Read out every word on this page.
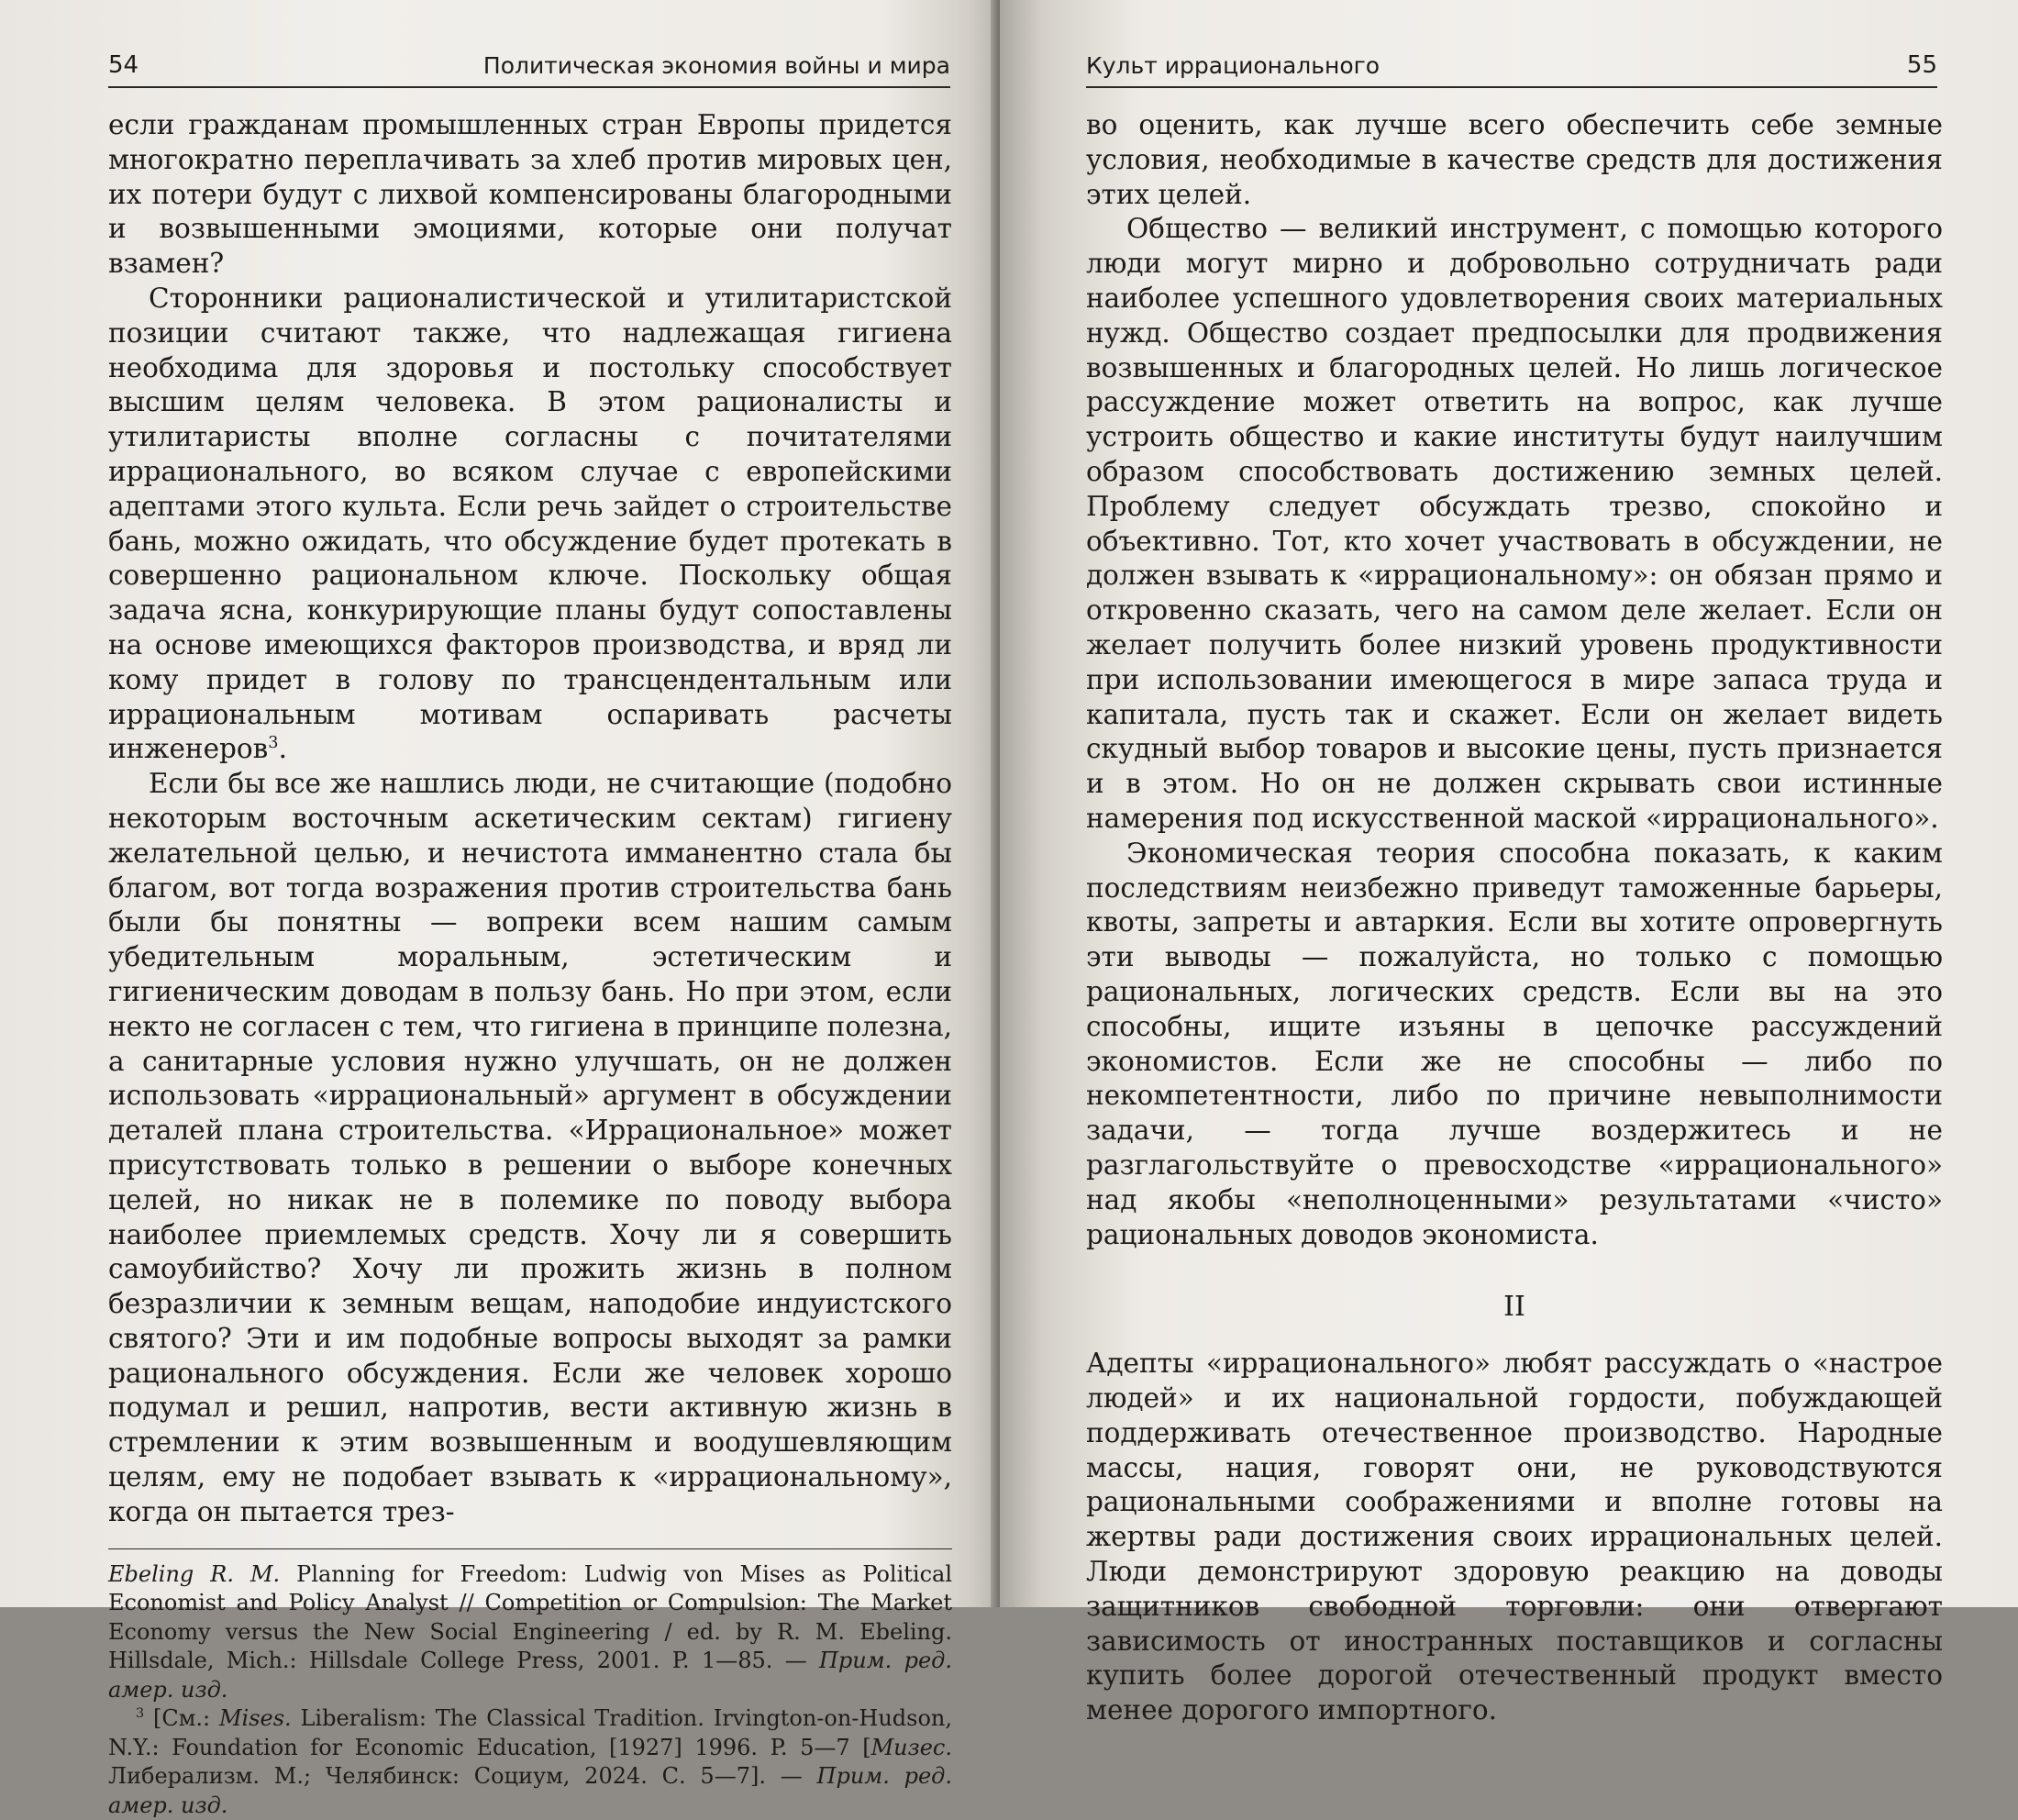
54	Политическая экономия войны и мира

если гражданам промышленных стран Европы придется многократно переплачивать за хлеб против мировых цен, их потери будут с лихвой компенсированы благородными и возвышенными эмоциями, которые они получат взамен?

Сторонники рационалистической и утилитаристской позиции считают также, что надлежащая гигиена необходима для здоровья и постольку способствует высшим целям человека. В этом рационалисты и утилитаристы вполне согласны с почитателями иррационального, во всяком случае с европейскими адептами этого культа. Если речь зайдет о строительстве бань, можно ожидать, что обсуждение будет протекать в совершенно рациональном ключе. Поскольку общая задача ясна, конкурирующие планы будут сопоставлены на основе имеющихся факторов производства, и вряд ли кому придет в голову по трансцендентальным или иррациональным мотивам оспаривать расчеты инженеров$^3$.

Если бы все же нашлись люди, не считающие (подобно некоторым восточным аскетическим сектам) гигиену желательной целью, и нечистота имманентно стала бы благом, вот тогда возражения против строительства бань были бы понятны — вопреки всем нашим самым убедительным моральным, эстетическим и гигиеническим доводам в пользу бань. Но при этом, если некто не согласен с тем, что гигиена в принципе полезна, а санитарные условия нужно улучшать, он не должен использовать «иррациональный» аргумент в обсуждении деталей плана строительства. «Иррациональное» может присутствовать только в решении о выборе конечных целей, но никак не в полемике по поводу выбора наиболее приемлемых средств. Хочу ли я совершить самоубийство? Хочу ли прожить жизнь в полном безразличии к земным вещам, наподобие индуистского святого? Эти и им подобные вопросы выходят за рамки рационального обсуждения. Если же человек хорошо подумал и решил, напротив, вести активную жизнь в стремлении к этим возвышенным и воодушевляющим целям, ему не подобает взывать к «иррациональному», когда он пытается трез-

Ebeling R. M. Planning for Freedom: Ludwig von Mises as Political Economist and Policy Analyst // Competition or Compulsion: The Market Economy versus the New Social Engineering / ed. by R. M. Ebeling. Hillsdale, Mich.: Hillsdale College Press, 2001. P. 1—85. — Прим. ред. амер. изд.

$^3$ [См.: Mises. Liberalism: The Classical Tradition. Irvington-on-Hudson, N.Y.: Foundation for Economic Education, [1927] 1996. P. 5—7 [Мизес. Либерализм. М.; Челябинск: Социум, 2024. С. 5—7]. — Прим. ред. амер. изд.

Культ иррационального	55

во оценить, как лучше всего обеспечить себе земные условия, необходимые в качестве средств для достижения этих целей.

Общество — великий инструмент, с помощью которого люди могут мирно и добровольно сотрудничать ради наиболее успешного удовлетворения своих материальных нужд. Общество создает предпосылки для продвижения возвышенных и благородных целей. Но лишь логическое рассуждение может ответить на вопрос, как лучше устроить общество и какие институты будут наилучшим образом способствовать достижению земных целей. Проблему следует обсуждать трезво, спокойно и объективно. Тот, кто хочет участвовать в обсуждении, не должен взывать к «иррациональному»: он обязан прямо и откровенно сказать, чего на самом деле желает. Если он желает получить более низкий уровень продуктивности при использовании имеющегося в мире запаса труда и капитала, пусть так и скажет. Если он желает видеть скудный выбор товаров и высокие цены, пусть признается и в этом. Но он не должен скрывать свои истинные намерения под искусственной маской «иррационального».

Экономическая теория способна показать, к каким последствиям неизбежно приведут таможенные барьеры, квоты, запреты и автаркия. Если вы хотите опровергнуть эти выводы — пожалуйста, но только с помощью рациональных, логических средств. Если вы на это способны, ищите изъяны в цепочке рассуждений экономистов. Если же не способны — либо по некомпетентности, либо по причине невыполнимости задачи, — тогда лучше воздержитесь и не разглагольствуйте о превосходстве «иррационального» над якобы «неполноценными» результатами «чисто» рациональных доводов экономиста.

II

Адепты «иррационального» любят рассуждать о «настрое людей» и их национальной гордости, побуждающей поддерживать отечественное производство. Народные массы, нация, говорят они, не руководствуются рациональными соображениями и вполне готовы на жертвы ради достижения своих иррациональных целей. Люди демонстрируют здоровую реакцию на доводы защитников свободной торговли: они отвергают зависимость от иностранных поставщиков и согласны купить более дорогой отечественный продукт вместо менее дорогого импортного.
